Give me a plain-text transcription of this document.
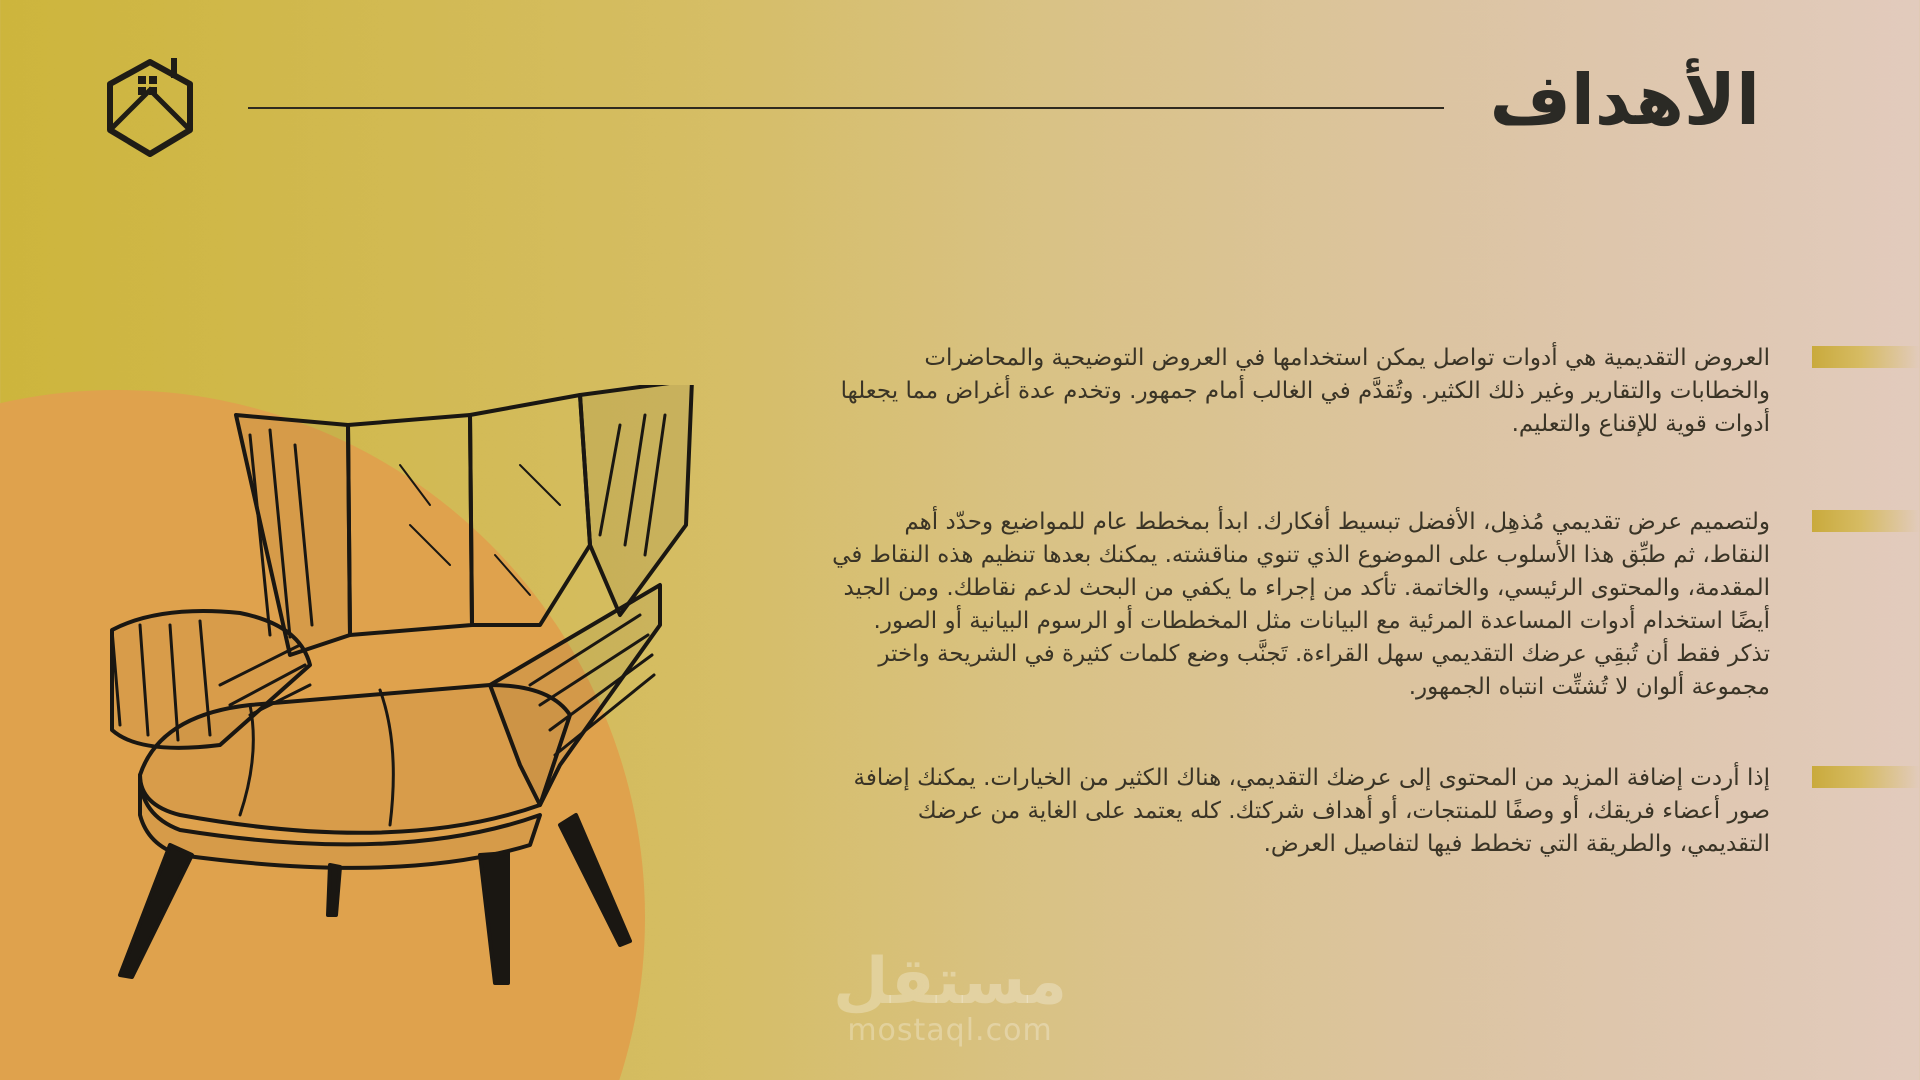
الأهداف

العروض التقديمية هي أدوات تواصل يمكن استخدامها في العروض التوضيحية والمحاضرات والخطابات والتقارير وغير ذلك الكثير. وتُقدَّم في الغالب أمام جمهور. وتخدم عدة أغراض مما يجعلها أدوات قوية للإقناع والتعليم.

ولتصميم عرض تقديمي مُذهِل، الأفضل تبسيط أفكارك. ابدأ بمخطط عام للمواضيع وحدّد أهم النقاط، ثم طبِّق هذا الأسلوب على الموضوع الذي تنوي مناقشته. يمكنك بعدها تنظيم هذه النقاط في المقدمة، والمحتوى الرئيسي، والخاتمة. تأكد من إجراء ما يكفي من البحث لدعم نقاطك. ومن الجيد أيضًا استخدام أدوات المساعدة المرئية مع البيانات مثل المخططات أو الرسوم البيانية أو الصور. تذكر فقط أن تُبقِي عرضك التقديمي سهل القراءة. تَجنَّب وضع كلمات كثيرة في الشريحة واختر مجموعة ألوان لا تُشتِّت انتباه الجمهور.

إذا أردت إضافة المزيد من المحتوى إلى عرضك التقديمي، هناك الكثير من الخيارات. يمكنك إضافة صور أعضاء فريقك، أو وصفًا للمنتجات، أو أهداف شركتك. كله يعتمد على الغاية من عرضك التقديمي، والطريقة التي تخطط فيها لتفاصيل العرض.

مستقل
mostaql.com
